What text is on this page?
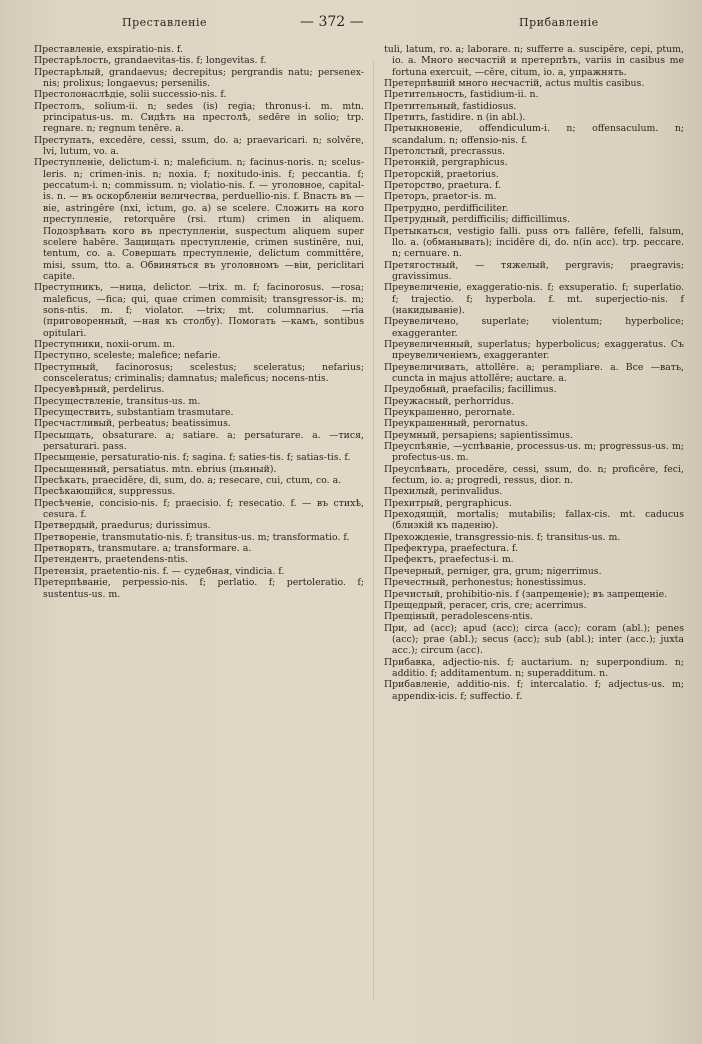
Преставленіе	— 372 —	Прибавленіе

Преставленіе, exspiratio-nis. f.

Престарѣлость, grandaevitas-tis. f; longevitas. f.

Престарѣлый, grandaevus; decrepitus; pergrandis natu; persenex-nis; prolixus; longaevus; persenilis.

Престолонаслѣдіе, solii successio-nis. f.

Престолъ, solium-ii. n; sedes (is) regia; thronus-i. m. mtn. principatus-us. m. Сидѣть на престолѣ, sedēre in solio; trp. regnare. n; regnum tenēre. a.

Преступать, excedĕre, cessi, ssum, do. a; praevaricari. n; solvĕre, lvi, lutum, vo. a.

Преступленіе, delictum-i. n; maleficium. n; facinus-noris. n; scelus-leris. n; crimen-inis. n; noxia. f; noxitudo-inis. f; peccantia. f; peccatum-i. n; commissum. n; violatio-nis. f. — уголовное, capital-is. n. — въ оскорбленіи величества, perduellio-nis. f. Впасть въ —віе, astringĕre (nxi, ictum, go. a) se scelere. Сложить на кого преступленіе, retorquĕre (rsi. rtum) crimen in aliquem. Подозрѣвать кого въ преступленіи, suspectum aliquem super scelere habēre. Защищать преступленіе, crimen sustinēre, nui, tentum, co. a. Совершать преступленіе, delictum committĕre, misi, ssum, tto. a. Обвиняться въ уголовномъ —віи, periclitari capite.

Преступникъ, —ница, delictor. —trix. m. f; facinorosus. —rosa; maleficus, —fica; qui, quae crimen commisit; transgressor-is. m; sons-ntis. m. f; violator. —trix; mt. columnarius. —ria (приговоренный, —ная къ столбу). Помогать —камъ, sontibus opitulari.

Преступники, noxii-orum. m.

Преступно, sceleste; malefice; nefarie.

Преступный, facinorosus; scelestus; sceleratus; nefarius; consceleratus; criminalis; damnatus; maleficus; nocens-ntis.

Пресуевѣрный, perdelirus.

Пресуществленіе, transitus-us. m.

Пресуществить, substantiam trasmutare.

Пресчастливый, perbeatus; beatissimus.

Пресыщать, obsaturare. a; satiare. a; persaturare. a. —тися, persaturari. pass.

Пресыщеніе, persaturatio-nis. f; sagina. f; saties-tis. f; satias-tis. f.

Пресыщенный, persatiatus. mtn. ebrius (пьяный).

Пресѣкать, praecidĕre, di, sum, do. a; resecare, cui, ctum, co. a.

Пресѣкающійся, suppressus.

Пресѣченіе, concisio-nis. f; praecisio. f; resecatio. f. — въ стихѣ, cesura. f.

Претвердый, praedurus; durissimus.

Претвореніе, transmutatio-nis. f; transitus-us. m; transformatio. f.

Претворять, transmutare. a; transformare. a.

Претендентъ, praetendens-ntis.

Претензія, praetentio-nis. f. — судебная, vindicia. f.

Претерпѣваніе, perpessio-nis. f; perlatio. f; pertoleratio. f; sustentus-us. m.

tuli, latum, ro. a; laborare. n; sufferre a. suscipĕre, cepi, ptum, io. a. Много несчастій и претерпѣть, variis in casibus me fortuna exercuit, —cĕre, citum, io. a, упражнять.

Претерпѣвшій много несчастій, actus multis casibus.

Претительность, fastidium-ii. n.

Претительный, fastidiosus.

Претить, fastidire. n (in abl.).

Претыкновеніе, offendiculum-i. n; offensaculum. n; scandalum. n; offensio-nis. f.

Претолстый, precrassus.

Претонкій, pergraphicus.

Преторскій, praetorius.

Преторство, praetura. f.

Преторъ, praetor-is. m.

Претрудно, perdifficiliter.

Претрудный, perdifficilis; difficillimus.

Претыкаться, vestigio falli. puss отъ fallĕre, fefelli, falsum, llo. a. (обманывать); incidĕre di, do. n(in acc). trp. peccare. n; cernuare. n.

Претягостный, — тяжелый, pergravis; praegravis; gravissimus.

Преувеличеніе, exaggeratio-nis. f; exsuperatio. f; superlatio. f; trajectio. f; hyperbola. f. mt. superjectio-nis. f (накидываніе).

Преувеличено, superlate; violentum; hyperbolice; exaggeranter.

Преувеличенный, superlatus; hyperbolicus; exaggeratus. Съ преувеличеніемъ, exaggeranter.

Преувеличивать, attollĕre. a; perampliare. a. Все —вать, cuncta in majus attollĕre; auctare. a.

Преудобный, praefacilis; facillimus.

Преужасный, perhorridus.

Преукрашенно, perornate.

Преукрашенный, perornatus.

Преумный, persapiens; sapientissimus.

Преуспѣяніе, —успѣваніе, processus-us. m; progressus-us. m; profectus-us. m.

Преуспѣвать, procedĕre, cessi, ssum, do. n; proficĕre, feci, fectum, io. a; progredi, ressus, dior. n.

Прехилый, perinvalidus.

Прехитрый, pergraphicus.

Преходящій, mortalis; mutabilis; fallax-cis. mt. caducus (близкій къ паденію).

Прехожденіе, transgressio-nis. f; transitus-us. m.

Префектура, praefectura. f.

Префектъ, praefectus-i. m.

Пречерный, perniger, gra, grum; nigerrimus.

Пречестный, perhonestus; honestissimus.

Пречистый, prohibitio-nis. f (запрещеніе); въ запрещеніе.

Прещедрый, peracer, cris, cre; acerrimus.

Прещіный, peradolescens-ntis.

При, ad (acc); apud (acc); circa (acc); coram (abl.); penes (acc); prae (abl.); secus (acc); sub (abl.); inter (acc.); juxta acc.); circum (acc).

Прибавка, adjectio-nis. f; auctarium. n; superpondium. n; additio. f; additamentum. n; superadditum. n.

Прибавленіе, additio-nis. f; intercalatio. f; adjectus-us. m; appendix-icis. f; suffectio. f.
